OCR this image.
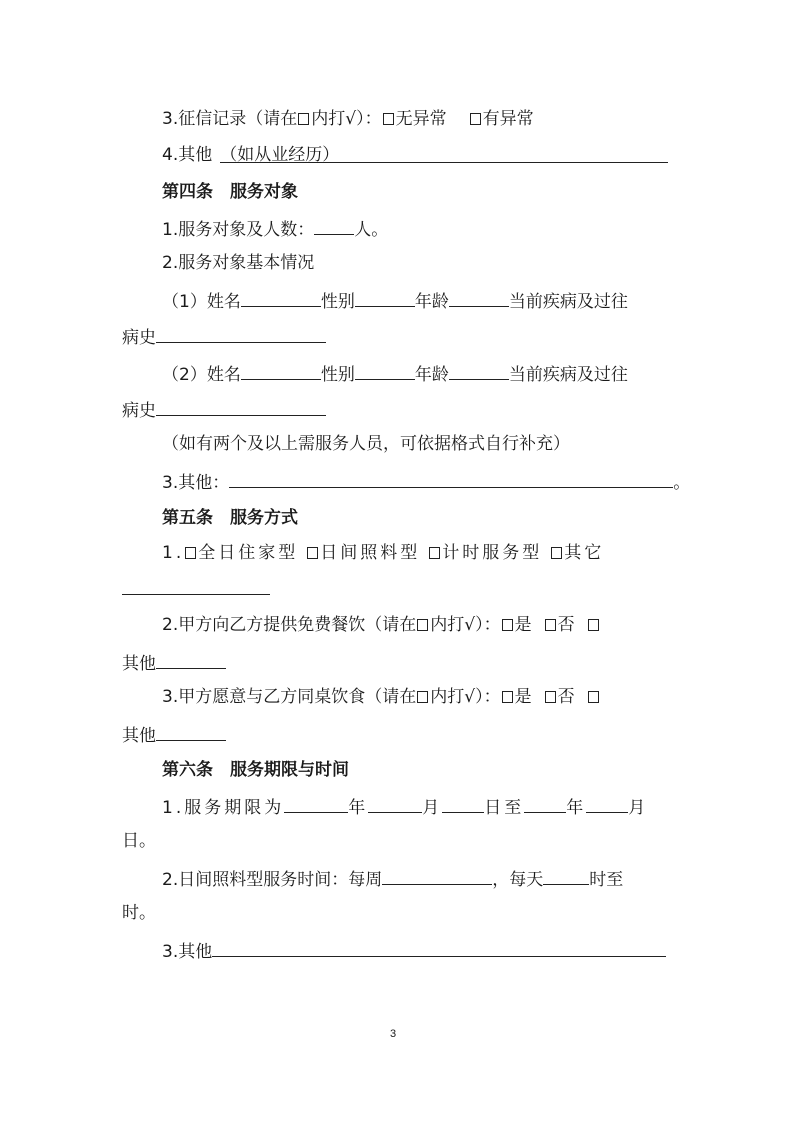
3.征信记录（请在 内打√）： 无异常 有异常
4.其他 （如从业经历）
第四条　服务对象
1.服务对象及人数： 人。
2.服务对象基本情况
（1）姓名	性别	年龄	当前疾病及过往
病史
（2）姓名	性别	年龄	当前疾病及过往
病史
（如有两个及以上需服务人员，可依据格式自行补充）
3.其他：	。
第五条　服务方式
1. 全日住家型 日间照料型 计时服务型 其它
2.甲方向乙方提供免费餐饮（请在 内打√）： 是 否
其他
3.甲方愿意与乙方同桌饮食（请在 内打√）： 是 否
其他
第六条　服务期限与时间
1.服务期限为	年	月 日至 年 月
日。
2.日间照料型服务时间：每周	，每天	时至
时。
3.其他
3
